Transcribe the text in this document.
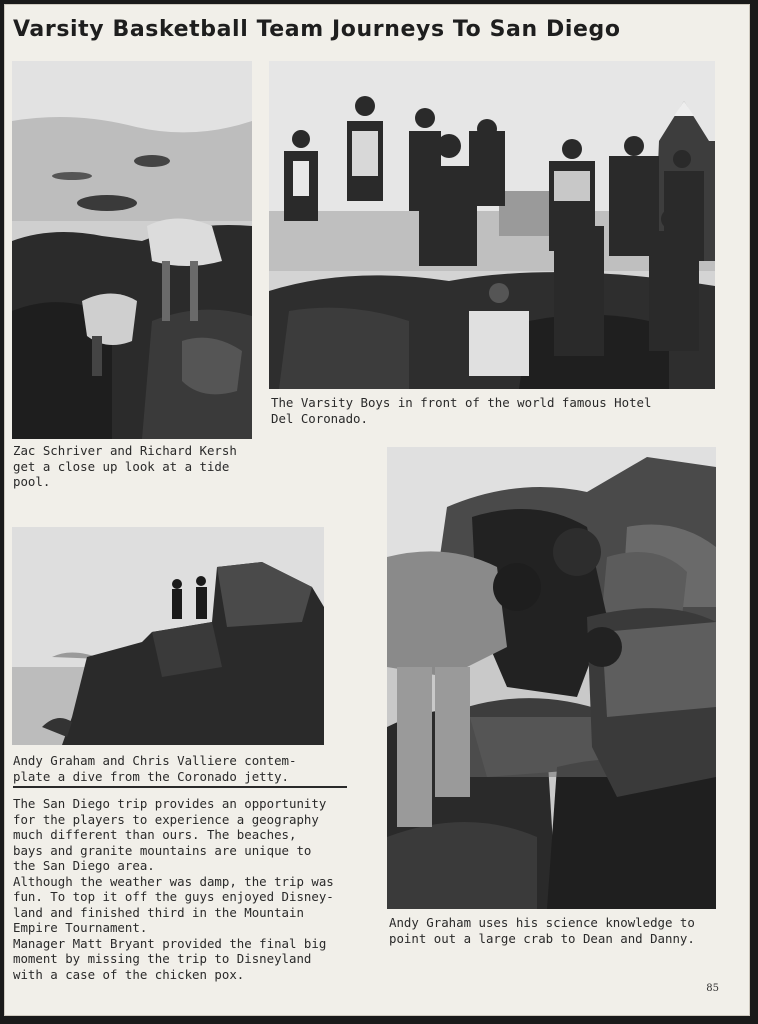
Varsity Basketball Team Journeys To San Diego

Zac Schriver and Richard Kersh
get a close up look at a tide
pool.

The Varsity Boys in front of the world famous Hotel
Del Coronado.

Andy Graham and Chris Valliere contem-
plate a dive from the Coronado jetty.

The San Diego trip provides an opportunity
for the players to experience a geography
much different than ours. The beaches,
bays and granite mountains are unique to
the San Diego area.
Although the weather was damp, the trip was
fun. To top it off the guys enjoyed Disney-
land and finished third in the Mountain
Empire Tournament.
Manager Matt Bryant provided the final big
moment by missing the trip to Disneyland
with a case of the chicken pox.

Andy Graham uses his science knowledge to
point out a large crab to Dean and Danny.

85
